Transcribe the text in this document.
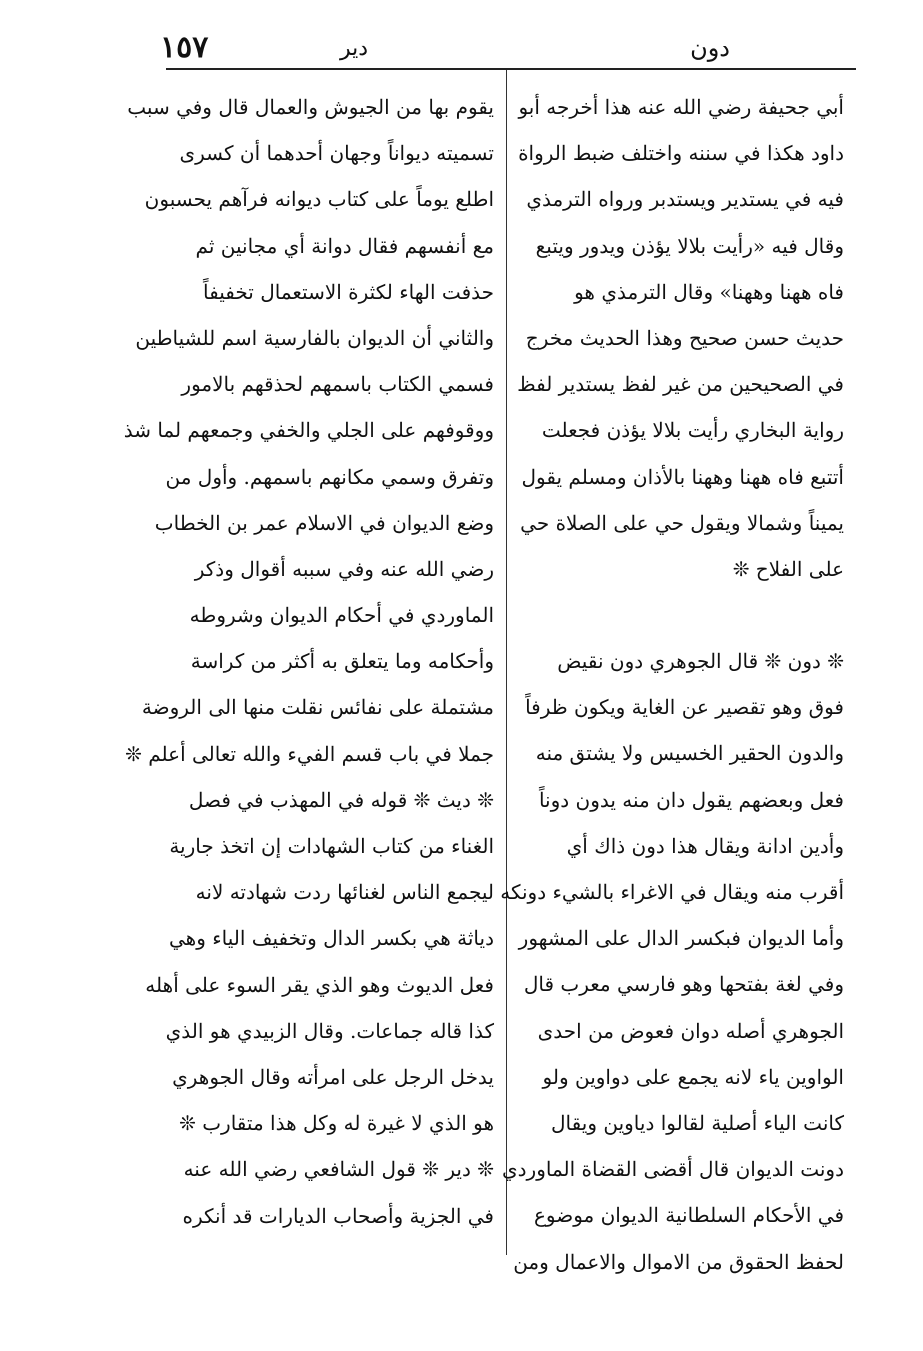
١٥٧	دير	دون
أبي جحيفة رضي الله عنه هذا أخرجه أبو
داود هكذا في سننه واختلف ضبط الرواة
فيه في يستدير ويستدبر ورواه الترمذي
وقال فيه «رأيت بلالا يؤذن ويدور ويتبع
فاه ههنا وههنا» وقال الترمذي هو
حديث حسن صحيح وهذا الحديث مخرج
في الصحيحين من غير لفظ يستدير لفظ
رواية البخاري رأيت بلالا يؤذن فجعلت
أتتبع فاه ههنا وههنا بالأذان ومسلم يقول
يميناً وشمالا ويقول حي على الصلاة حي
على الفلاح ❊
❊ دون ❊ قال الجوهري دون نقيض
فوق وهو تقصير عن الغاية ويكون ظرفاً
والدون الحقير الخسيس ولا يشتق منه
فعل وبعضهم يقول دان منه يدون دوناً
وأدين ادانة ويقال هذا دون ذاك أي
أقرب منه ويقال في الاغراء بالشيء دونكه
وأما الديوان فبكسر الدال على المشهور
وفي لغة بفتحها وهو فارسي معرب قال
الجوهري أصله دوان فعوض من احدى
الواوين ياء لانه يجمع على دواوين ولو
كانت الياء أصلية لقالوا دياوين ويقال
دونت الديوان قال أقضى القضاة الماوردي
في الأحكام السلطانية الديوان موضوع
لحفظ الحقوق من الاموال والاعمال ومن
يقوم بها من الجيوش والعمال قال وفي سبب
تسميته ديواناً وجهان أحدهما أن كسرى
اطلع يوماً على كتاب ديوانه فرآهم يحسبون
مع أنفسهم فقال دوانة أي مجانين ثم
حذفت الهاء لكثرة الاستعمال تخفيفاً
والثاني أن الديوان بالفارسية اسم للشياطين
فسمي الكتاب باسمهم لحذقهم بالامور
ووقوفهم على الجلي والخفي وجمعهم لما شذ
وتفرق وسمي مكانهم باسمهم. وأول من
وضع الديوان في الاسلام عمر بن الخطاب
رضي الله عنه وفي سببه أقوال وذكر
الماوردي في أحكام الديوان وشروطه
وأحكامه وما يتعلق به أكثر من كراسة
مشتملة على نفائس نقلت منها الى الروضة
جملا في باب قسم الفيء والله تعالى أعلم ❊
❊ ديث ❊ قوله في المهذب في فصل
الغناء من كتاب الشهادات إن اتخذ جارية
ليجمع الناس لغنائها ردت شهادته لانه
دياثة هي بكسر الدال وتخفيف الياء وهي
فعل الديوث وهو الذي يقر السوء على أهله
كذا قاله جماعات. وقال الزبيدي هو الذي
يدخل الرجل على امرأته وقال الجوهري
هو الذي لا غيرة له وكل هذا متقارب ❊
❊ دير ❊ قول الشافعي رضي الله عنه
في الجزية وأصحاب الديارات قد أنكره
